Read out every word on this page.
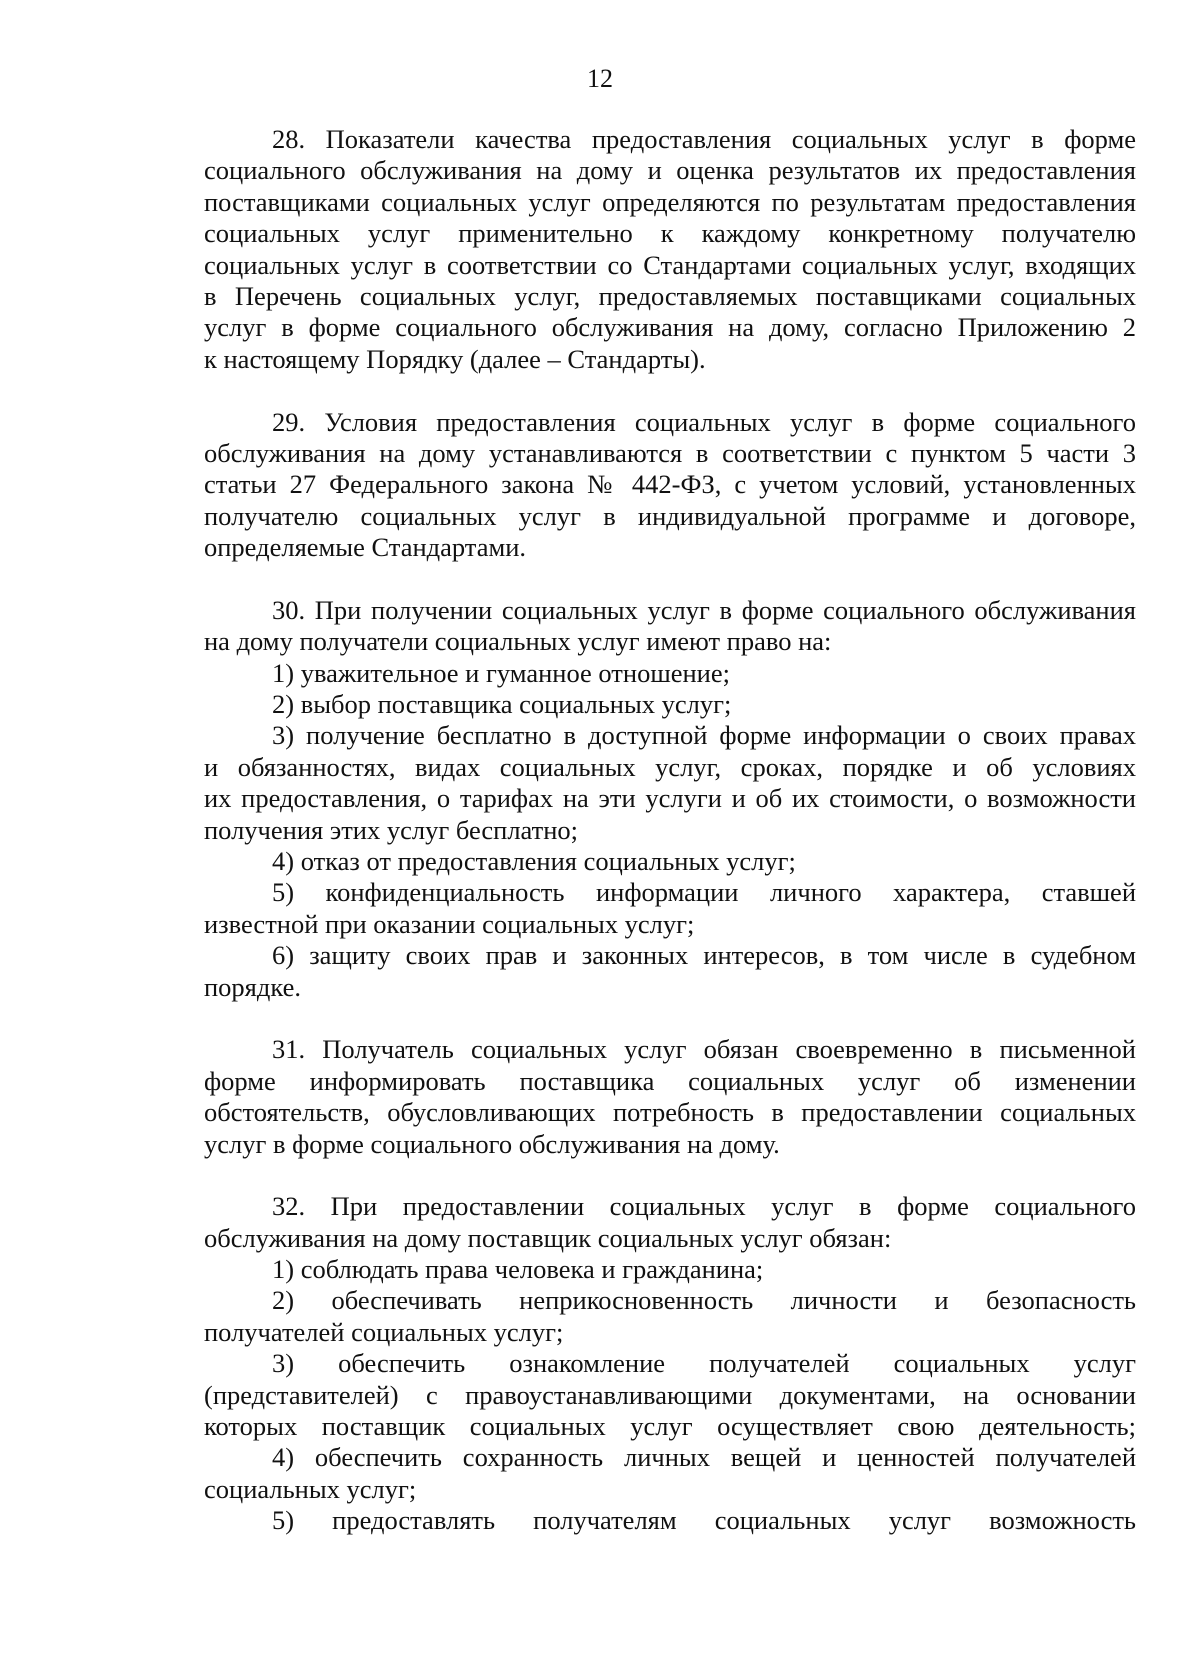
12
28. Показатели качества предоставления социальных услуг в форме
социального обслуживания на дому и оценка результатов их предоставления
поставщиками социальных услуг определяются по результатам предоставления
социальных услуг применительно к каждому конкретному получателю
социальных услуг в соответствии со Стандартами социальных услуг, входящих
в Перечень социальных услуг, предоставляемых поставщиками социальных
услуг в форме социального обслуживания на дому, согласно Приложению 2
к настоящему Порядку (далее – Стандарты).
29. Условия предоставления социальных услуг в форме социального
обслуживания на дому устанавливаются в соответствии с пунктом 5 части 3
статьи 27 Федерального закона № 442-ФЗ, с учетом условий, установленных
получателю социальных услуг в индивидуальной программе и договоре,
определяемые Стандартами.
30. При получении социальных услуг в форме социального обслуживания
на дому получатели социальных услуг имеют право на:
1) уважительное и гуманное отношение;
2) выбор поставщика социальных услуг;
3) получение бесплатно в доступной форме информации о своих правах
и обязанностях, видах социальных услуг, сроках, порядке и об условиях
их предоставления, о тарифах на эти услуги и об их стоимости, о возможности
получения этих услуг бесплатно;
4) отказ от предоставления социальных услуг;
5) конфиденциальность информации личного характера, ставшей
известной при оказании социальных услуг;
6) защиту своих прав и законных интересов, в том числе в судебном
порядке.
31. Получатель социальных услуг обязан своевременно в письменной
форме информировать поставщика социальных услуг об изменении
обстоятельств, обусловливающих потребность в предоставлении социальных
услуг в форме социального обслуживания на дому.
32. При предоставлении социальных услуг в форме социального
обслуживания на дому поставщик социальных услуг обязан:
1) соблюдать права человека и гражданина;
2) обеспечивать неприкосновенность личности и безопасность
получателей социальных услуг;
3) обеспечить ознакомление получателей социальных услуг
(представителей) с правоустанавливающими документами, на основании
которых поставщик социальных услуг осуществляет свою деятельность;
4) обеспечить сохранность личных вещей и ценностей получателей
социальных услуг;
5) предоставлять получателям социальных услуг возможность
